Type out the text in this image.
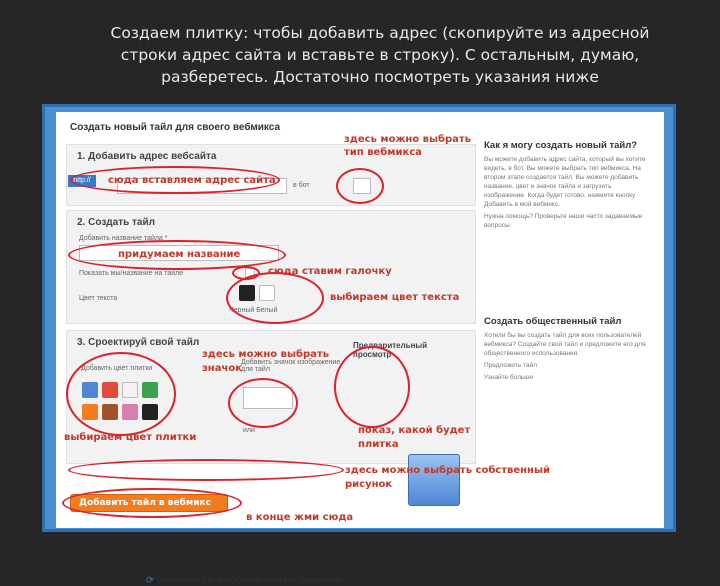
Создаем плитку: чтобы добавить адрес (скопируйте из адресной строки адрес сайта и вставьте в строку). С остальным, думаю, разберетесь. Достаточно посмотреть указания ниже
Создать новый тайл для своего вебмикса
1. Добавить адрес вебсайта
в бот
http://
2. Создать тайл
Добавить название тайла *
Показать мы/название на тайле
Цвет текста
Черный Белый
3. Сроектируй свой тайл
Добавить цвет плитки
Добавить значок изображение для тайл
или
Предварительный просмотр
⟳ Загрузите свое собственное изображение
Как я могу создать новый тайл?
Вы можете добавить адрес сайта, который вы хотите видеть, в бот. Вы можете выбрать тип вебмикса. На втором этапе создается тайл. Вы можете добавить название, цвет и значок тайла и загрузить изображение. Когда будет готово, нажмите кнопку Добавить в мой вебмикс.
Нужна помощь? Проверьте наши часто задаваемые вопросы.
Создать общественный тайл
Хотели бы вы создать тайл для всех пользователей вебмикса? Создайте свой тайл и предложите его для общественного использования.
Предложить тайл
Узнайте больше
Добавить тайл в вебмикс
здесь можно выбрать тип вебмикса
сюда вставляем адрес сайта
придумаем название
сюда ставим галочку
выбираем цвет текста
здесь можно выбрать значок
выбираем цвет плитки
показ, какой будет плитка
здесь можно выбрать собственный рисунок
в конце жми сюда
